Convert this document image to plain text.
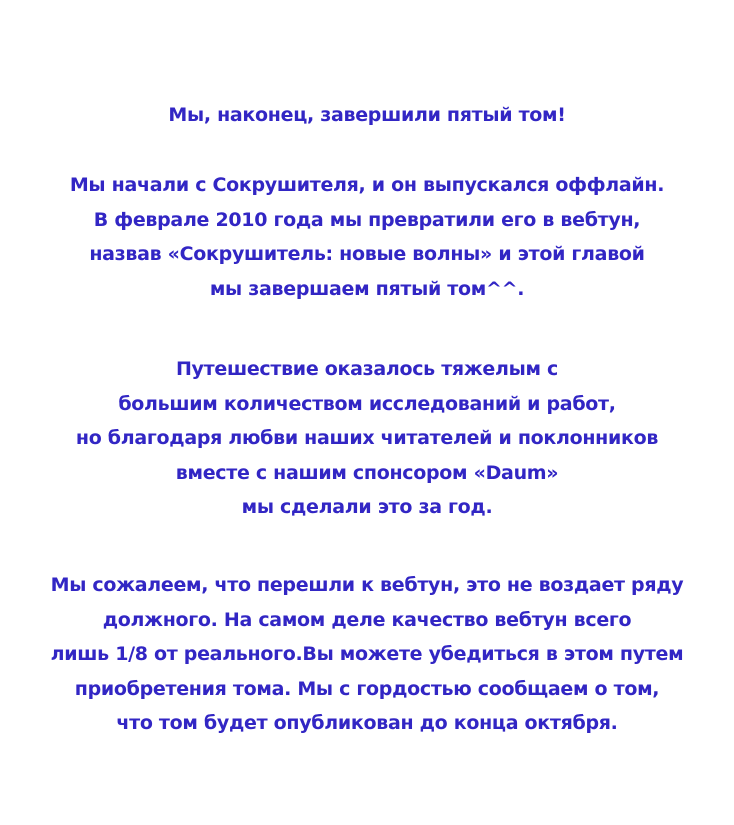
Мы, наконец, завершили пятый том!
Мы начали с Сокрушителя, и он выпускался оффлайн.
В феврале 2010 года мы превратили его в вебтун,
назвав «Сокрушитель: новые волны» и этой главой
мы завершаем пятый том^^.
Путешествие оказалось тяжелым с
большим количеством исследований и работ,
но благодаря любви наших читателей и поклонников
вместе с нашим спонсором «Daum»
мы сделали это за год.
Мы сожалеем, что перешли к вебтун, это не воздает ряду
должного. На самом деле качество вебтун всего
лишь 1/8 от реального.Вы можете убедиться в этом путем
приобретения тома. Мы с гордостью сообщаем о том,
что том будет опубликован до конца октября.
